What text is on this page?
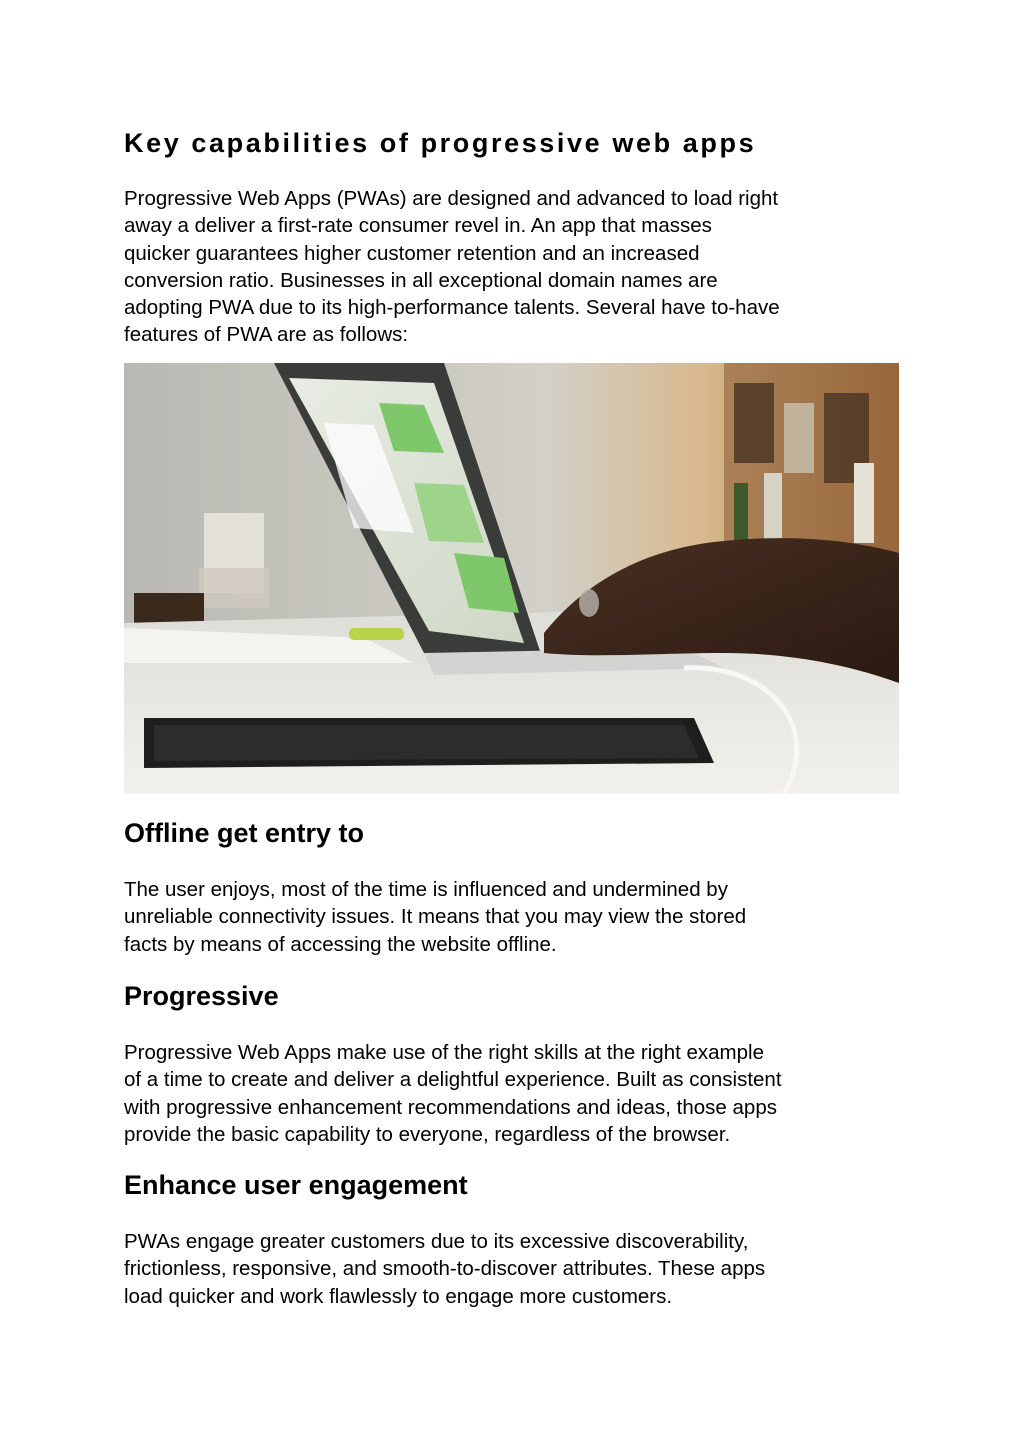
Key capabilities of progressive web apps

Progressive Web Apps (PWAs) are designed and advanced to load right
away a deliver a first-rate consumer revel in. An app that masses
quicker guarantees higher customer retention and an increased
conversion ratio. Businesses in all exceptional domain names are
adopting PWA due to its high-performance talents. Several have to-have
features of PWA are as follows:

Offline get entry to

The user enjoys, most of the time is influenced and undermined by
unreliable connectivity issues. It means that you may view the stored
facts by means of accessing the website offline.

Progressive

Progressive Web Apps make use of the right skills at the right example
of a time to create and deliver a delightful experience. Built as consistent
with progressive enhancement recommendations and ideas, those apps
provide the basic capability to everyone, regardless of the browser.

Enhance user engagement

PWAs engage greater customers due to its excessive discoverability,
frictionless, responsive, and smooth-to-discover attributes. These apps
load quicker and work flawlessly to engage more customers.
